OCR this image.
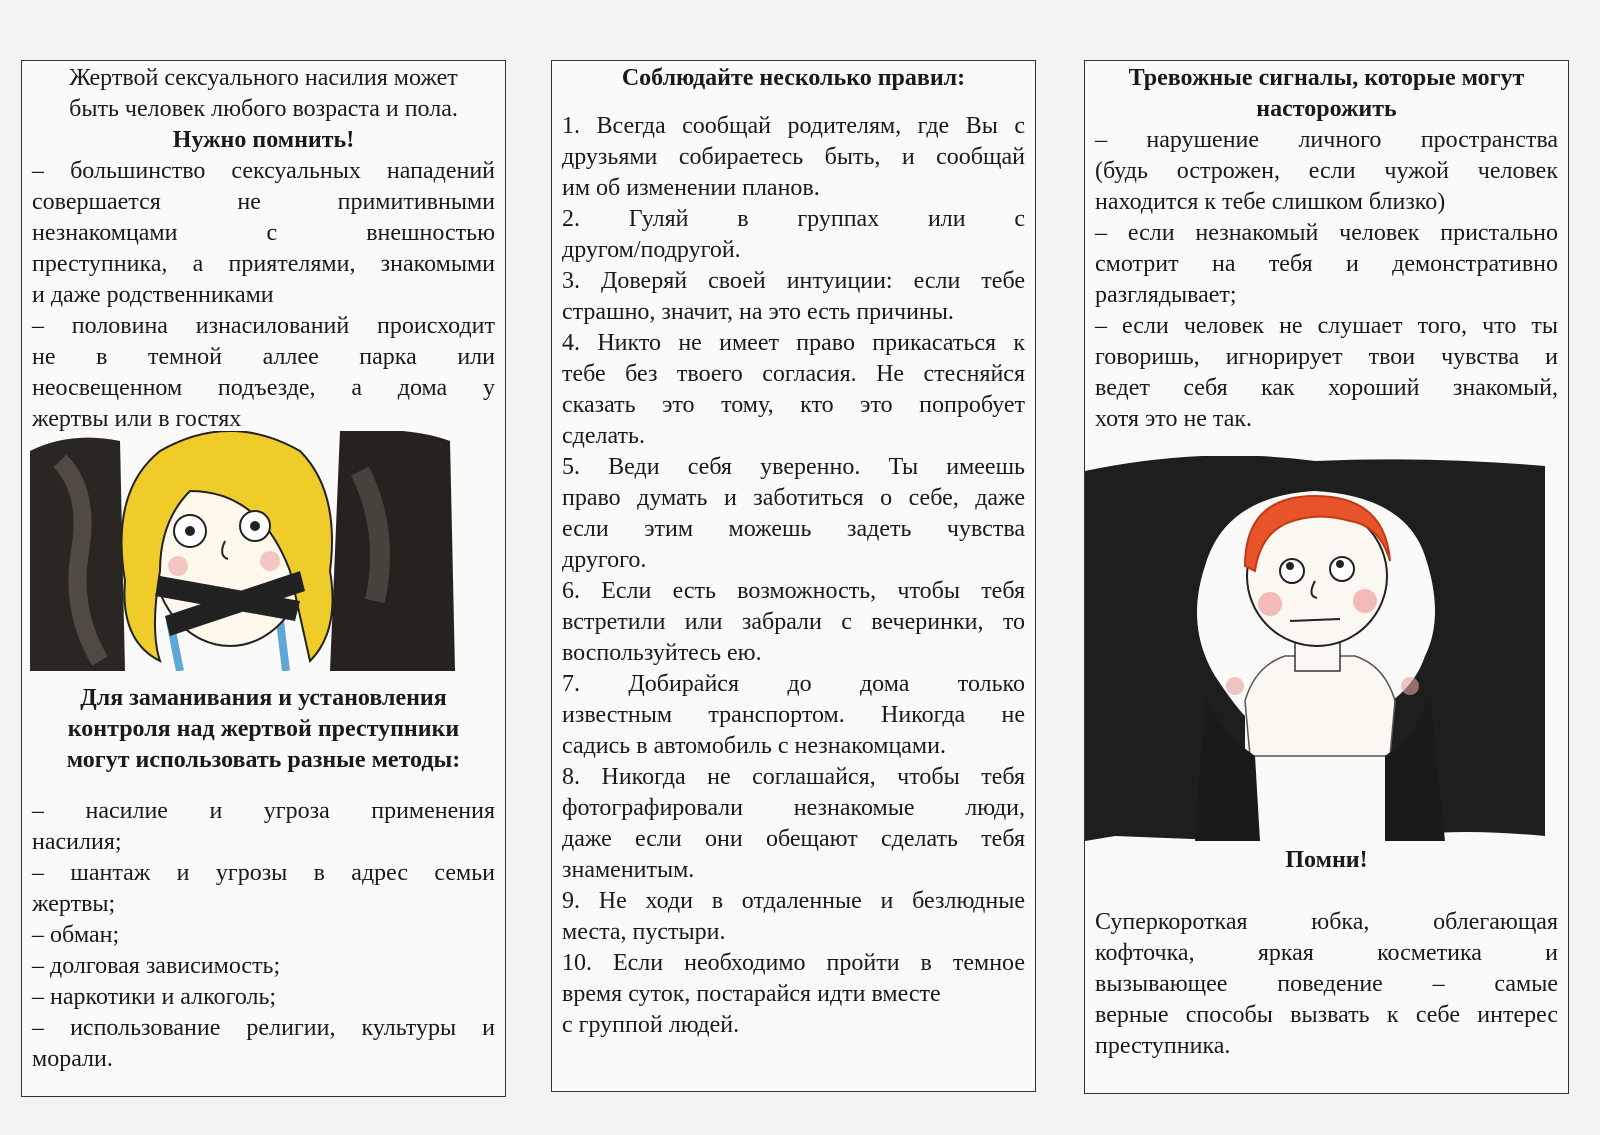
Жертвой сексуального насилия может

быть человек любого возраста и пола.

Нужно помнить!

– большинство сексуальных нападений

совершается не примитивными

незнакомцами с внешностью

преступника, а приятелями, знакомыми

и даже родственниками

– половина изнасилований происходит

не в темной аллее парка или

неосвещенном подъезде, а дома у

жертвы или в гостях

Для заманивания и установления

контроля над жертвой преступники

могут использовать разные методы:

– насилие и угроза применения

насилия;

– шантаж и угрозы в адрес семьи

жертвы;

– обман;

– долговая зависимость;

– наркотики и алкоголь;

– использование религии, культуры и

морали.

Соблюдайте несколько правил:

1. Всегда сообщай родителям, где Вы с

друзьями собираетесь быть, и сообщай

им об изменении планов.

2. Гуляй в группах или с

другом/подругой.

3. Доверяй своей интуиции: если тебе

страшно, значит, на это есть причины.

4. Никто не имеет право прикасаться к

тебе без твоего согласия. Не стесняйся

сказать это тому, кто это попробует

сделать.

5. Веди себя уверенно. Ты имеешь

право думать и заботиться о себе, даже

если этим можешь задеть чувства

другого.

6. Если есть возможность, чтобы тебя

встретили или забрали с вечеринки, то

воспользуйтесь ею.

7. Добирайся до дома только

известным транспортом. Никогда не

садись в автомобиль с незнакомцами.

8. Никогда не соглашайся, чтобы тебя

фотографировали незнакомые люди,

даже если они обещают сделать тебя

знаменитым.

9. Не ходи в отдаленные и безлюдные

места, пустыри.

10. Если необходимо пройти в темное

время суток, постарайся идти вместе

с группой людей.

Тревожные сигналы, которые могут

насторожить

– нарушение личного пространства

(будь острожен, если чужой человек

находится к тебе слишком близко)

– если незнакомый человек пристально

смотрит на тебя и демонстративно

разглядывает;

– если человек не слушает того, что ты

говоришь, игнорирует твои чувства и

ведет себя как хороший знакомый,

хотя это не так.

Помни!

Суперкороткая юбка, облегающая

кофточка, яркая косметика и

вызывающее поведение – самые

верные способы вызвать к себе интерес

преступника.
